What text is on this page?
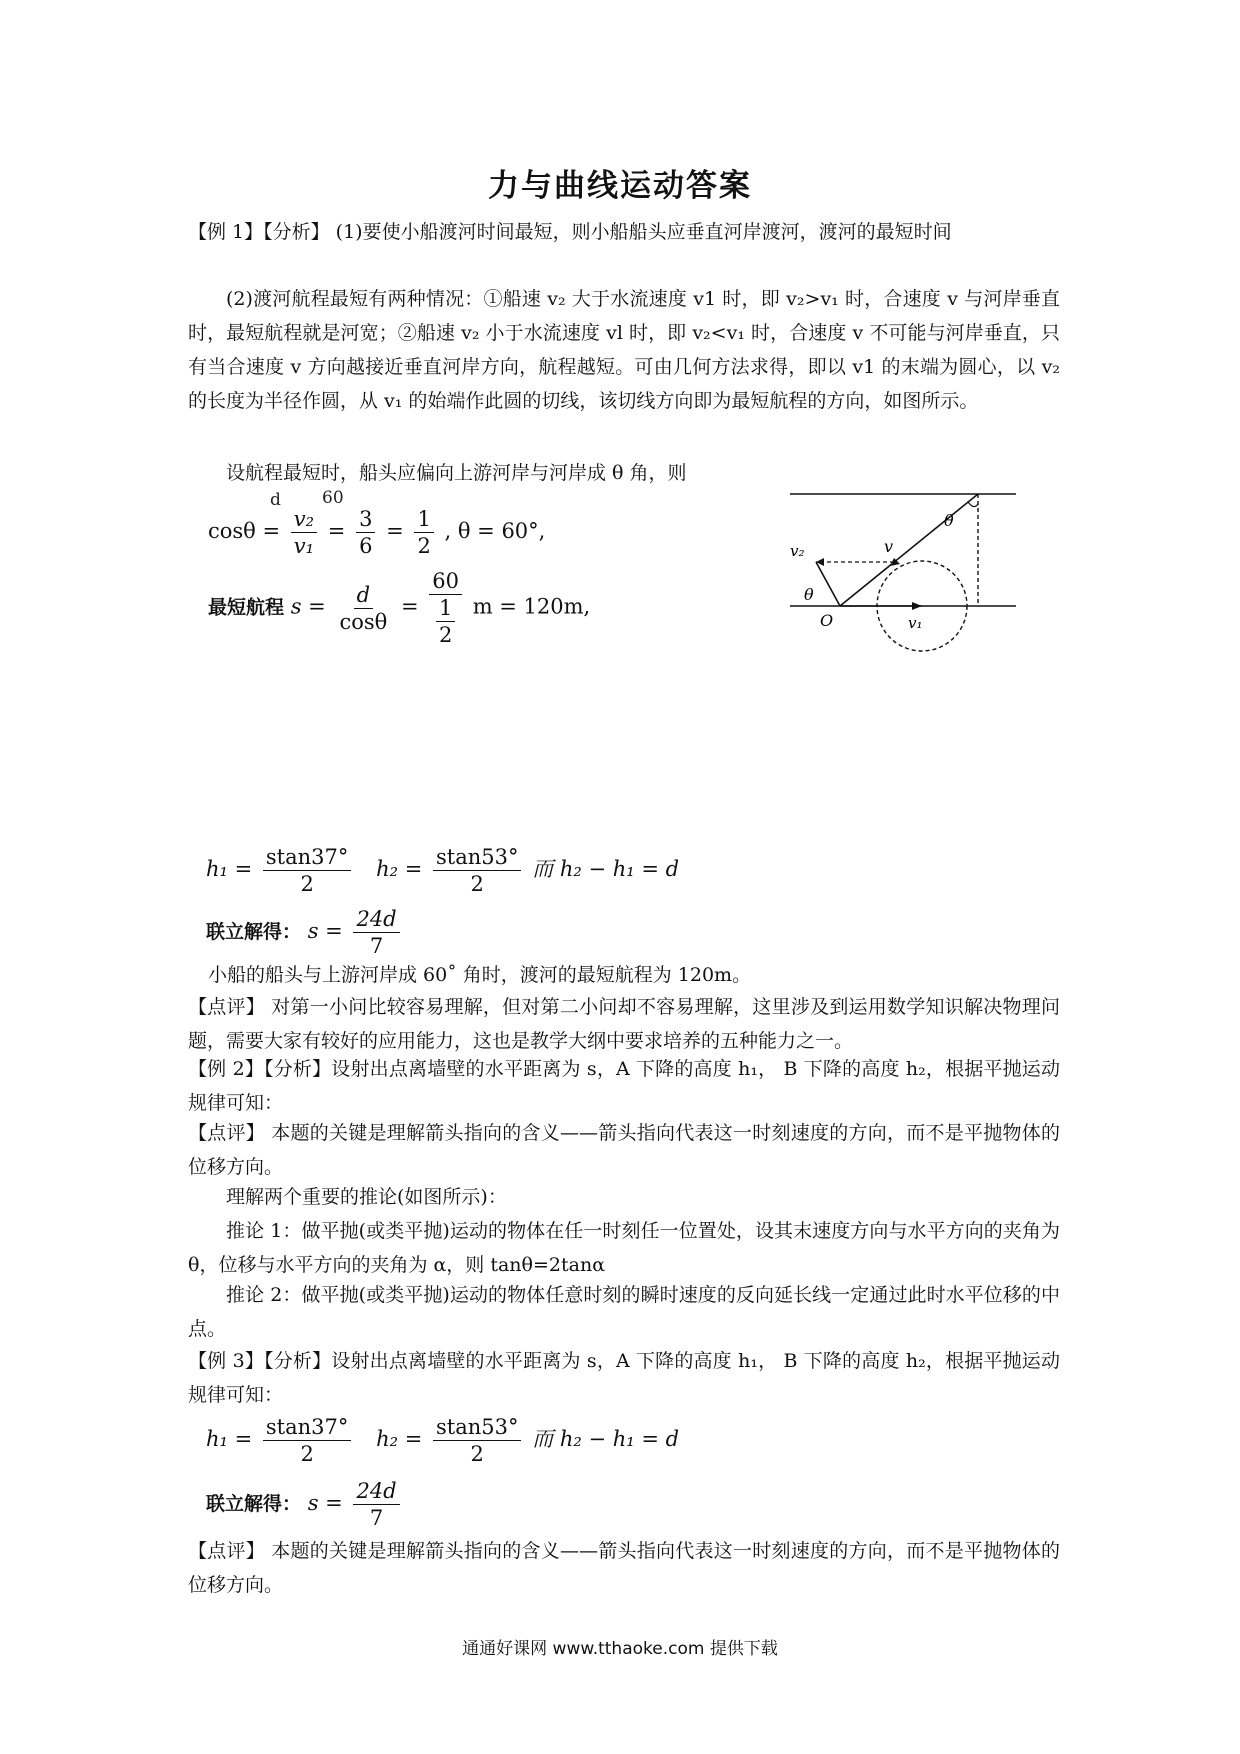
力与曲线运动答案
【例 1】【分析】 (1)要使小船渡河时间最短，则小船船头应垂直河岸渡河，渡河的最短时间
(2)渡河航程最短有两种情况：①船速 v₂ 大于水流速度 v1 时，即 v₂>v₁ 时，合速度 v 与河岸垂直时，最短航程就是河宽；②船速 v₂ 小于水流速度 vl 时，即 v₂<v₁ 时，合速度 v 不可能与河岸垂直，只有当合速度 v 方向越接近垂直河岸方向，航程越短。可由几何方法求得，即以 v1 的末端为圆心，以 v₂ 的长度为半径作圆，从 v₁ 的始端作此圆的切线，该切线方向即为最短航程的方向，如图所示。
设航程最短时，船头应偏向上游河岸与河岸成 θ 角，则
d 60
$\cos\theta = \frac{\text{v₂}}{\text{v₁}} = \frac{3}{6} = \frac{1}{2}$ , θ = 60°,
最短航程 $s = \frac{d}{\cos\theta} = \frac{60}{\frac{1}{2}}$ m = 120m,
θ
v₂	v
θ
O	v₁
$h_1 = \frac{stan37^\circ}{2} h_2 = \frac{stan53^\circ}{2}$ 而 h₂ − h₁ = d
联立解得： $s = \frac{24d}{7}$
小船的船头与上游河岸成 60˚ 角时，渡河的最短航程为 120m。
【点评】 对第一小问比较容易理解，但对第二小问却不容易理解，这里涉及到运用数学知识解决物理问题，需要大家有较好的应用能力，这也是教学大纲中要求培养的五种能力之一。
【例 2】【分析】设射出点离墙壁的水平距离为 s，A 下降的高度 h₁， B 下降的高度 h₂，根据平抛运动规律可知：
【点评】 本题的关键是理解箭头指向的含义——箭头指向代表这一时刻速度的方向，而不是平抛物体的位移方向。
理解两个重要的推论(如图所示)：
推论 1：做平抛(或类平抛)运动的物体在任一时刻任一位置处，设其末速度方向与水平方向的夹角为 θ，位移与水平方向的夹角为 α，则 tanθ=2tanα
推论 2：做平抛(或类平抛)运动的物体任意时刻的瞬时速度的反向延长线一定通过此时水平位移的中点。
【例 3】【分析】设射出点离墙壁的水平距离为 s，A 下降的高度 h₁， B 下降的高度 h₂，根据平抛运动规律可知：
$h_1 = \frac{stan37^\circ}{2} h_2 = \frac{stan53^\circ}{2}$ 而 h₂ − h₁ = d
联立解得： $s = \frac{24d}{7}$
【点评】 本题的关键是理解箭头指向的含义——箭头指向代表这一时刻速度的方向，而不是平抛物体的位移方向。
通通好课网 www.tthaoke.com 提供下载
